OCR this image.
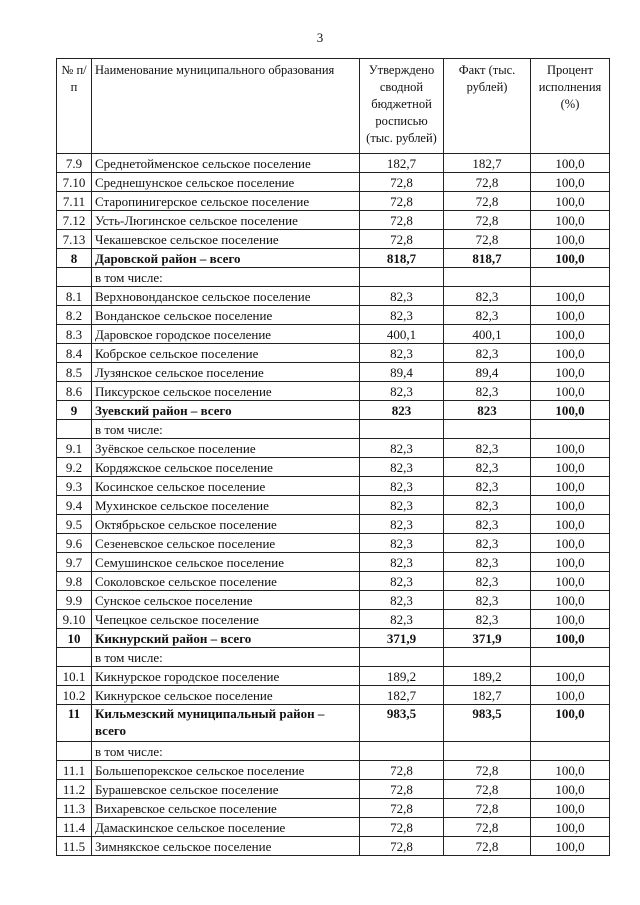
3
№ п/п	Наименование муниципального образования	Утверждено сводной бюджетной росписью (тыс. рублей)	Факт (тыс. рублей)	Процент исполнения (%)
7.9	Среднетойменское сельское поселение	182,7	182,7	100,0
7.10	Среднешунское сельское поселение	72,8	72,8	100,0
7.11	Старопинигерское сельское поселение	72,8	72,8	100,0
7.12	Усть-Люгинское сельское поселение	72,8	72,8	100,0
7.13	Чекашевское сельское поселение	72,8	72,8	100,0
8	Даровской район – всего	818,7	818,7	100,0
	в том числе:			
8.1	Верхновонданское сельское поселение	82,3	82,3	100,0
8.2	Вонданское сельское поселение	82,3	82,3	100,0
8.3	Даровское городское поселение	400,1	400,1	100,0
8.4	Кобрское сельское поселение	82,3	82,3	100,0
8.5	Лузянское сельское поселение	89,4	89,4	100,0
8.6	Пиксурское сельское поселение	82,3	82,3	100,0
9	Зуевский район – всего	823	823	100,0
	в том числе:			
9.1	Зуёвское сельское поселение	82,3	82,3	100,0
9.2	Кордяжское сельское поселение	82,3	82,3	100,0
9.3	Косинское сельское поселение	82,3	82,3	100,0
9.4	Мухинское сельское поселение	82,3	82,3	100,0
9.5	Октябрьское сельское поселение	82,3	82,3	100,0
9.6	Сезеневское сельское поселение	82,3	82,3	100,0
9.7	Семушинское сельское поселение	82,3	82,3	100,0
9.8	Соколовское сельское поселение	82,3	82,3	100,0
9.9	Сунское сельское поселение	82,3	82,3	100,0
9.10	Чепецкое сельское поселение	82,3	82,3	100,0
10	Кикнурский район – всего	371,9	371,9	100,0
	в том числе:			
10.1	Кикнурское городское поселение	189,2	189,2	100,0
10.2	Кикнурское сельское поселение	182,7	182,7	100,0
11	Кильмезский муниципальный район – всего	983,5	983,5	100,0
	в том числе:			
11.1	Большепорекское сельское поселение	72,8	72,8	100,0
11.2	Бурашевское сельское поселение	72,8	72,8	100,0
11.3	Вихаревское сельское поселение	72,8	72,8	100,0
11.4	Дамаскинское сельское поселение	72,8	72,8	100,0
11.5	Зимнякское сельское поселение	72,8	72,8	100,0
